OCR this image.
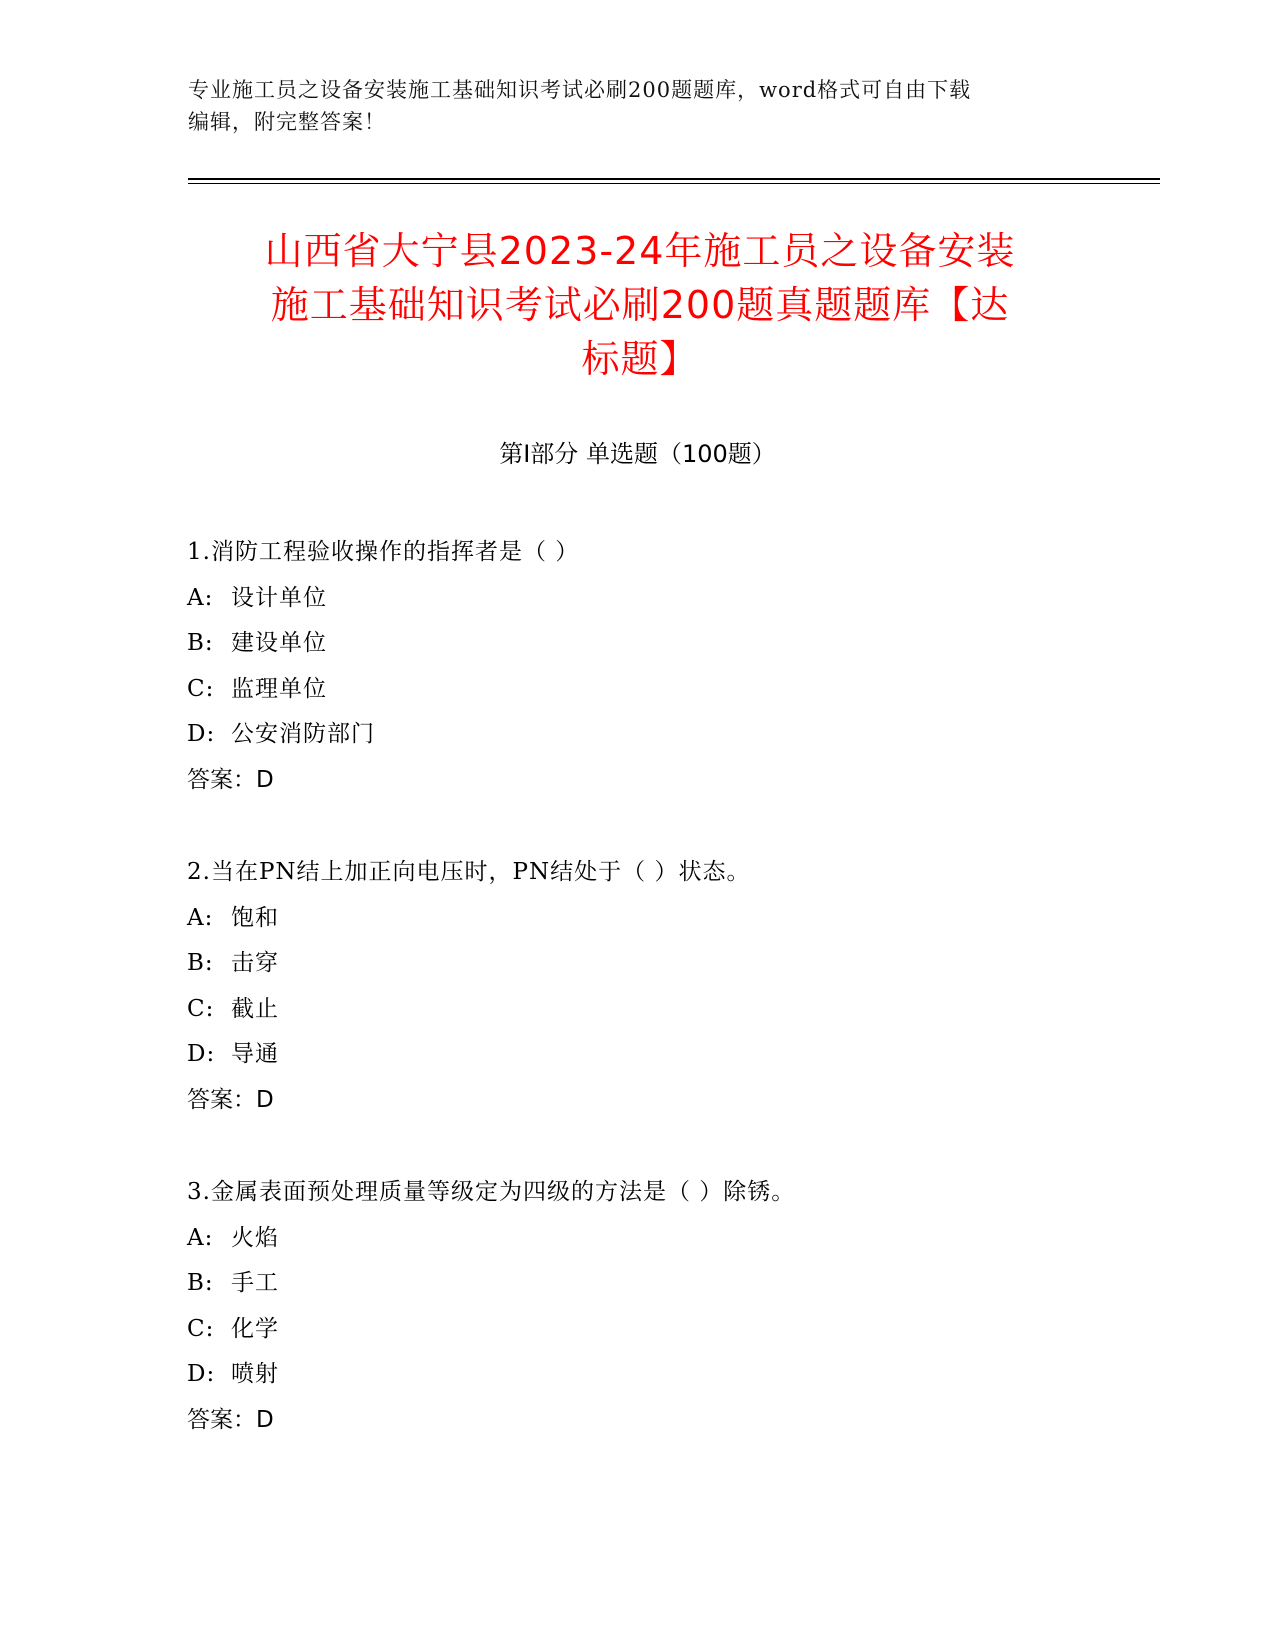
专业施工员之设备安装施工基础知识考试必刷200题题库，word格式可自由下载
编辑，附完整答案！
山西省大宁县2023-24年施工员之设备安装
施工基础知识考试必刷200题真题题库【达
标题】
第Ⅰ部分 单选题（100题）
1.消防工程验收操作的指挥者是（ ）
A: 设计单位
B: 建设单位
C: 监理单位
D: 公安消防部门
答案：D
2.当在PN结上加正向电压时，PN结处于（ ）状态。
A: 饱和
B: 击穿
C: 截止
D: 导通
答案：D
3.金属表面预处理质量等级定为四级的方法是（ ）除锈。
A: 火焰
B: 手工
C: 化学
D: 喷射
答案：D
